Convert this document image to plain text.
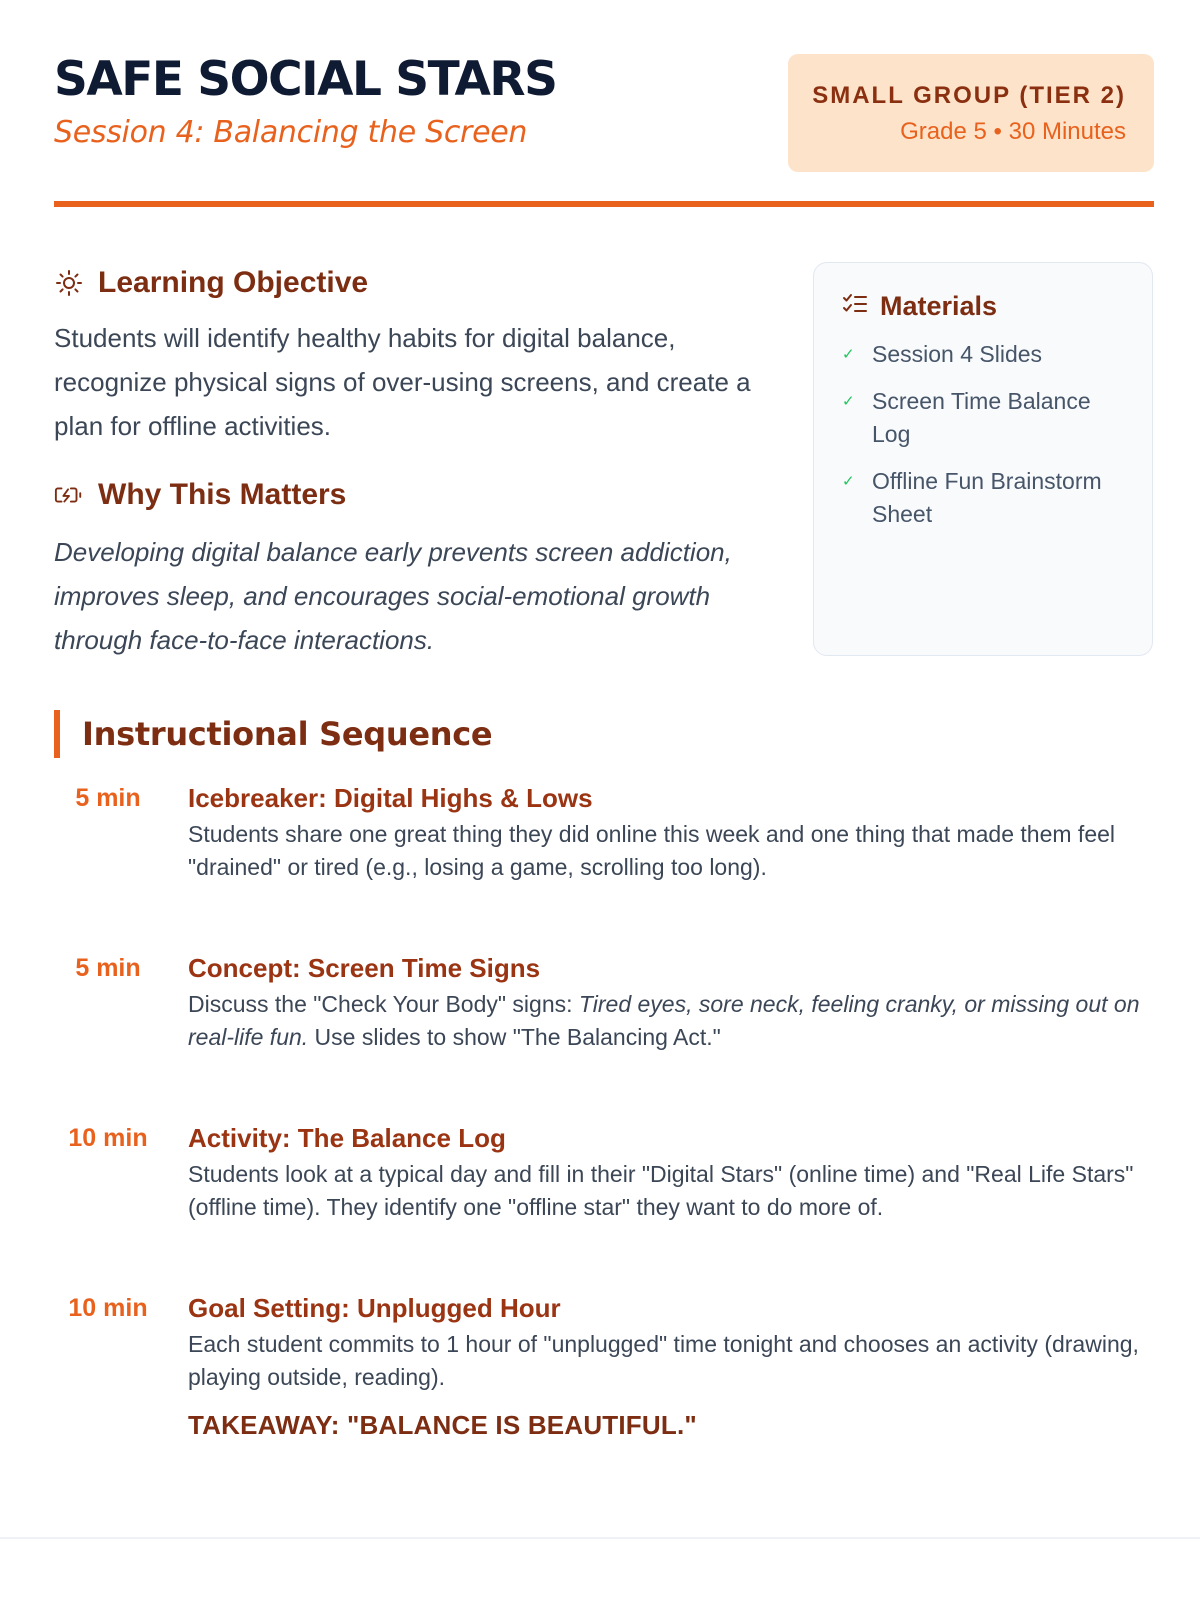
SAFE SOCIAL STARS
Session 4: Balancing the Screen
SMALL GROUP (TIER 2)
Grade 5 • 30 Minutes
Learning Objective
Students will identify healthy habits for digital balance, recognize physical signs of over-using screens, and create a plan for offline activities.
Why This Matters
Developing digital balance early prevents screen addiction, improves sleep, and encourages social-emotional growth through face-to-face interactions.
Materials
✓ Session 4 Slides
✓ Screen Time Balance Log
✓ Offline Fun Brainstorm Sheet
Instructional Sequence
5 min	Icebreaker: Digital Highs & Lows
Students share one great thing they did online this week and one thing that made them feel "drained" or tired (e.g., losing a game, scrolling too long).
5 min	Concept: Screen Time Signs
Discuss the "Check Your Body" signs: Tired eyes, sore neck, feeling cranky, or missing out on real-life fun. Use slides to show "The Balancing Act."
10 min	Activity: The Balance Log
Students look at a typical day and fill in their "Digital Stars" (online time) and "Real Life Stars" (offline time). They identify one "offline star" they want to do more of.
10 min	Goal Setting: Unplugged Hour
Each student commits to 1 hour of "unplugged" time tonight and chooses an activity (drawing, playing outside, reading).
TAKEAWAY: "BALANCE IS BEAUTIFUL."
